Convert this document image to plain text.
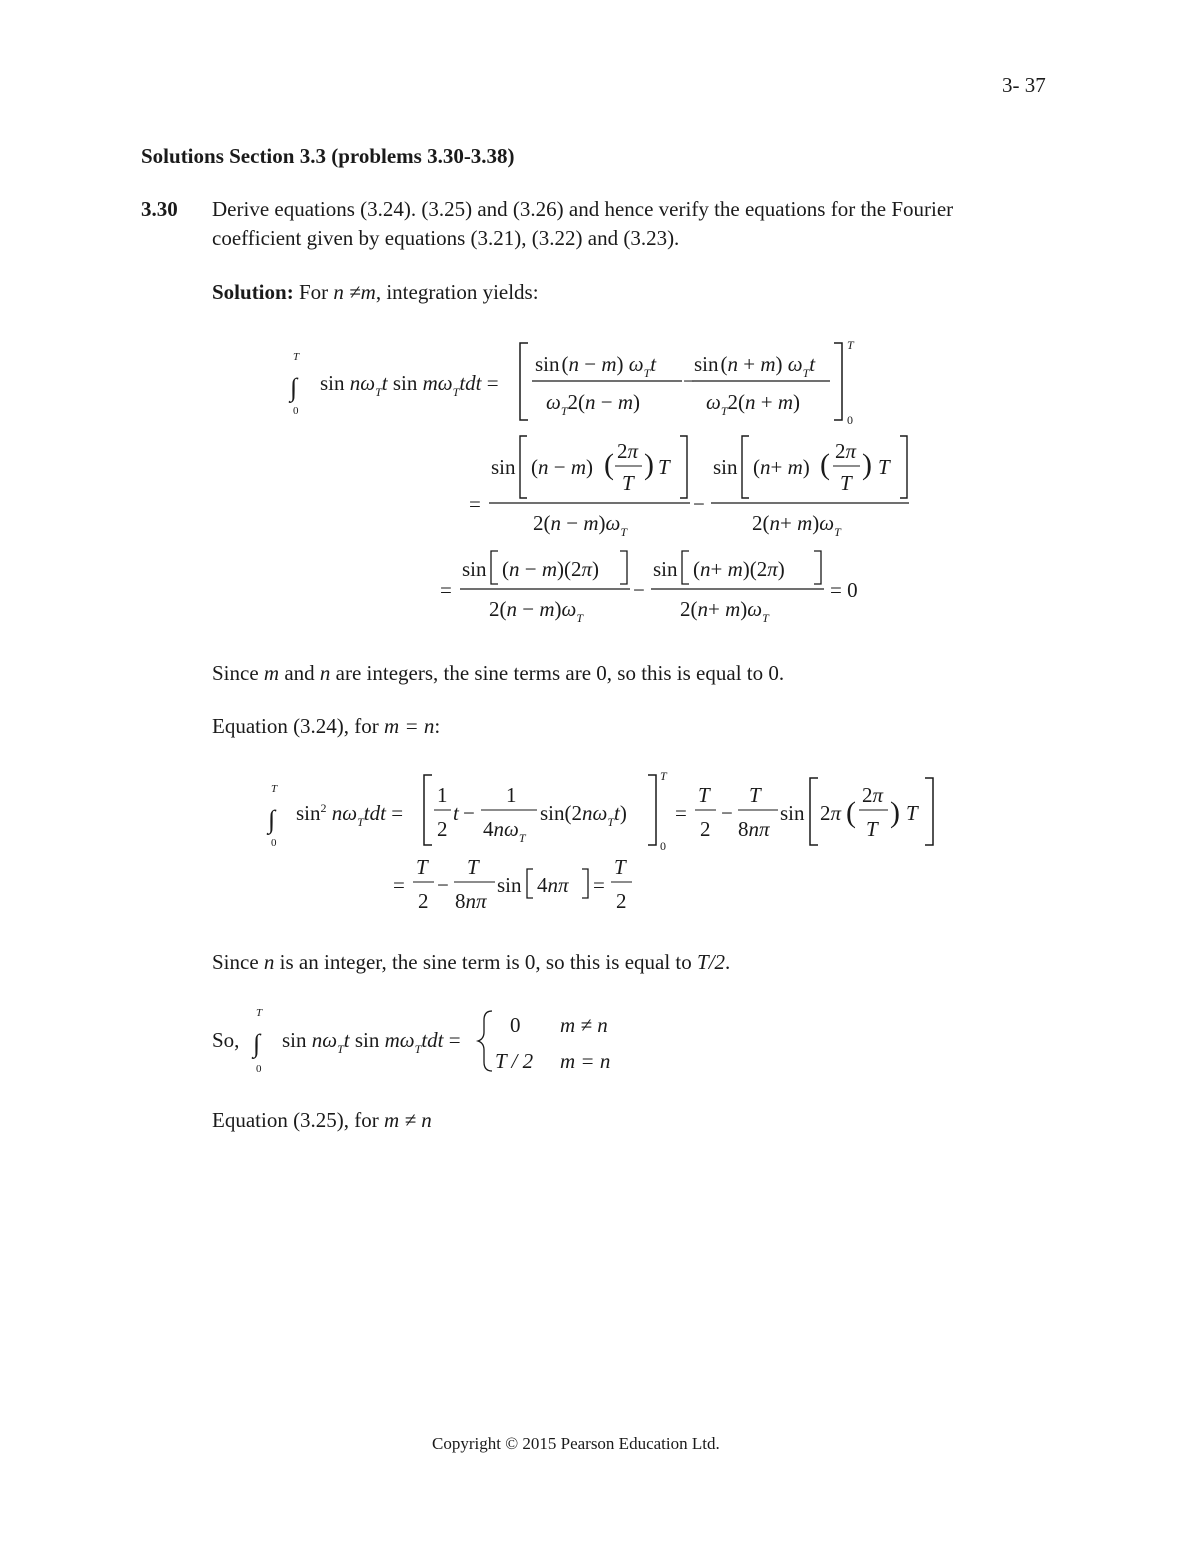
3- 37
Solutions Section 3.3 (problems 3.30-3.38)
3.30 Derive equations (3.24). (3.25) and (3.26) and hence verify the equations for the Fourier
coefficient given by equations (3.21), (3.22) and (3.23).
Solution: For n ≠m, integration yields:
T
∫
0
$\sin n\omega_Tt$ $\sin m\omega_Ttdt$ =
sin(n − m) $\omega_Tt$
$\omega_T2(n - m)$
−
sin(n + m) $\omega_Tt$
$\omega_T2(n + m)$
T
0
=
sin (n − m) ( 2π
T
) T
$2(n - m)\omega_T$
−
sin (n+ m) ( 2π
T
) T
$2(n+ m)\omega_T$
=
sin (n − m)(2π)
$2(n - m)\omega_T$
−
sin (n+ m)(2π)
$2(n+ m)\omega_T$
= 0
Since m and n are integers, the sine terms are 0, so this is equal to 0.
Equation (3.24), for m = n:
T
∫
0
$\sin^2 n\omega_Ttdt$ =
1
2
t −
1
$4n\omega_T$
$\sin(2n\omega_Tt)$
T
0
=
T
2
−
T
8nπ
sin 2π (
2π
T ) T
=
T
2
−
T
8nπ
sin 4nπ =
T
2
Since n is an integer, the sine term is 0, so this is equal to T/2.
So,
T
∫
0
$\sin n\omega_Tt$ $\sin m\omega_Ttdt$ =
0 m ≠ n
T / 2 m = n
Equation (3.25), for m ≠ n
Copyright © 2015 Pearson Education Ltd.
